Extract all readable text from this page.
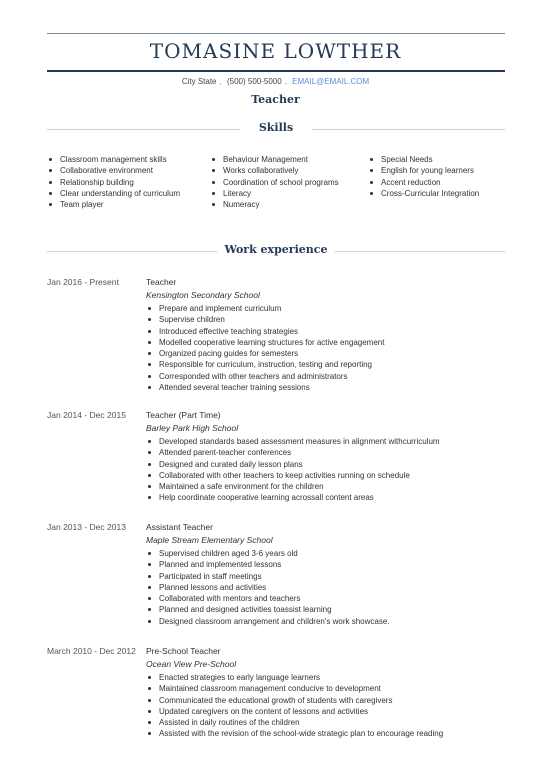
TOMASINE LOWTHER
City State , (500) 500-5000 , EMAIL@EMAIL.COM
Teacher
Skills
Classroom management skills
Collaborative environment
Relationship building
Clear understanding of curriculum
Team player
Behaviour Management
Works collaboratively
Coordination of school programs
Literacy
Numeracy
Special Needs
English for young learners
Accent reduction
Cross-Curricular Integration
Work experience
Jan 2016 - Present	Teacher
Kensington Secondary School
Prepare and implement curriculum
Supervise children
Introduced effective teaching strategies
Modelled cooperative learning structures for active engagement
Organized pacing guides for semesters
Responsible for curriculum, instruction, testing and reporting
Corresponded with other teachers and administrators
Attended several teacher training sessions
Jan 2014 - Dec 2015 Teacher (Part Time)
Barley Park High School
Developed standards based assessment measures in alignment withcurriculum
Attended parent-teacher conferences
Designed and curated daily lesson plans
Collaborated with other teachers to keep activities running on schedule
Maintained a safe environment for the children
Help coordinate cooperative learning acrossall content areas
Jan 2013 - Dec 2013 Assistant Teacher
Maple Stream Elementary School
Supervised children aged 3-6 years old
Planned and implemented lessons
Participated in staff meetings
Planned lessons and activities
Collaborated with mentors and teachers
Planned and designed activities toassist learning
Designed classroom arrangement and children's work showcase.
March 2010 - Dec 2012 Pre-School Teacher
Ocean View Pre-School
Enacted strategies to early language learners
Maintained classroom management conducive to development
Communicated the educational growth of students with caregivers
Updated caregivers on the content of lessons and activities
Assisted in daily routines of the children
Assisted with the revision of the school-wide strategic plan to encourage reading
